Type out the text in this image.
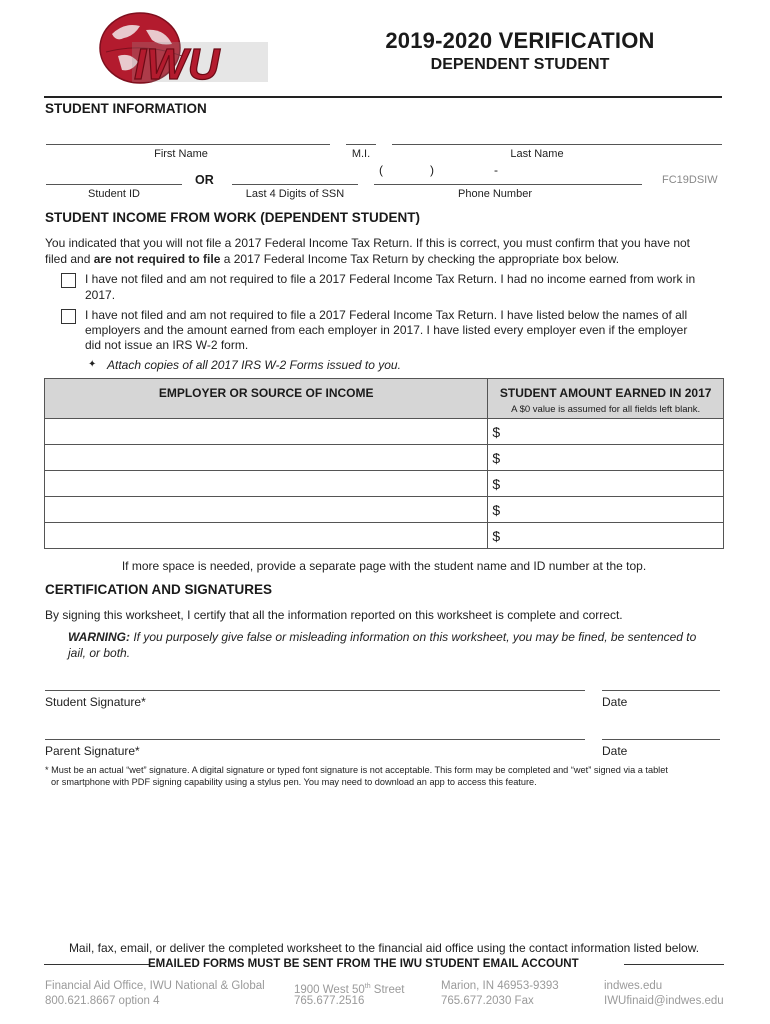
IWU	2019-2020 VERIFICATION
DEPENDENT STUDENT
STUDENT INFORMATION
First Name	M.I.	Last Name
Student ID
OR
Last 4 Digits of SSN
(	)	-
Phone Number
FC19DSIW
STUDENT INCOME FROM WORK (DEPENDENT STUDENT)
You indicated that you will not file a 2017 Federal Income Tax Return. If this is correct, you must confirm that you have not
filed and are not required to file a 2017 Federal Income Tax Return by checking the appropriate box below.
I have not filed and am not required to file a 2017 Federal Income Tax Return. I had no income earned from work in
2017.
I have not filed and am not required to file a 2017 Federal Income Tax Return. I have listed below the names of all
employers and the amount earned from each employer in 2017. I have listed every employer even if the employer
did not issue an IRS W-2 form.
✦ Attach copies of all 2017 IRS W-2 Forms issued to you.
EMPLOYER OR SOURCE OF INCOME	STUDENT AMOUNT EARNED IN 2017
A $0 value is assumed for all fields left blank.

	$
	$
	$
	$
	$
If more space is needed, provide a separate page with the student name and ID number at the top.
CERTIFICATION AND SIGNATURES
By signing this worksheet, I certify that all the information reported on this worksheet is complete and correct.
WARNING: If you purposely give false or misleading information on this worksheet, you may be fined, be sentenced to
jail, or both.
Student Signature*	Date
Parent Signature*	Date
* Must be an actual “wet” signature. A digital signature or typed font signature is not acceptable. This form may be completed and “wet” signed via a tablet
or smartphone with PDF signing capability using a stylus pen. You may need to download an app to access this feature.
Mail, fax, email, or deliver the completed worksheet to the financial aid office using the contact information listed below.
EMAILED FORMS MUST BE SENT FROM THE IWU STUDENT EMAIL ACCOUNT
Financial Aid Office, IWU National & Global
800.621.8667 option 4
1900 West 50th Street
765.677.2516
Marion, IN 46953-9393
765.677.2030 Fax
indwes.edu
IWUfinaid@indwes.edu
